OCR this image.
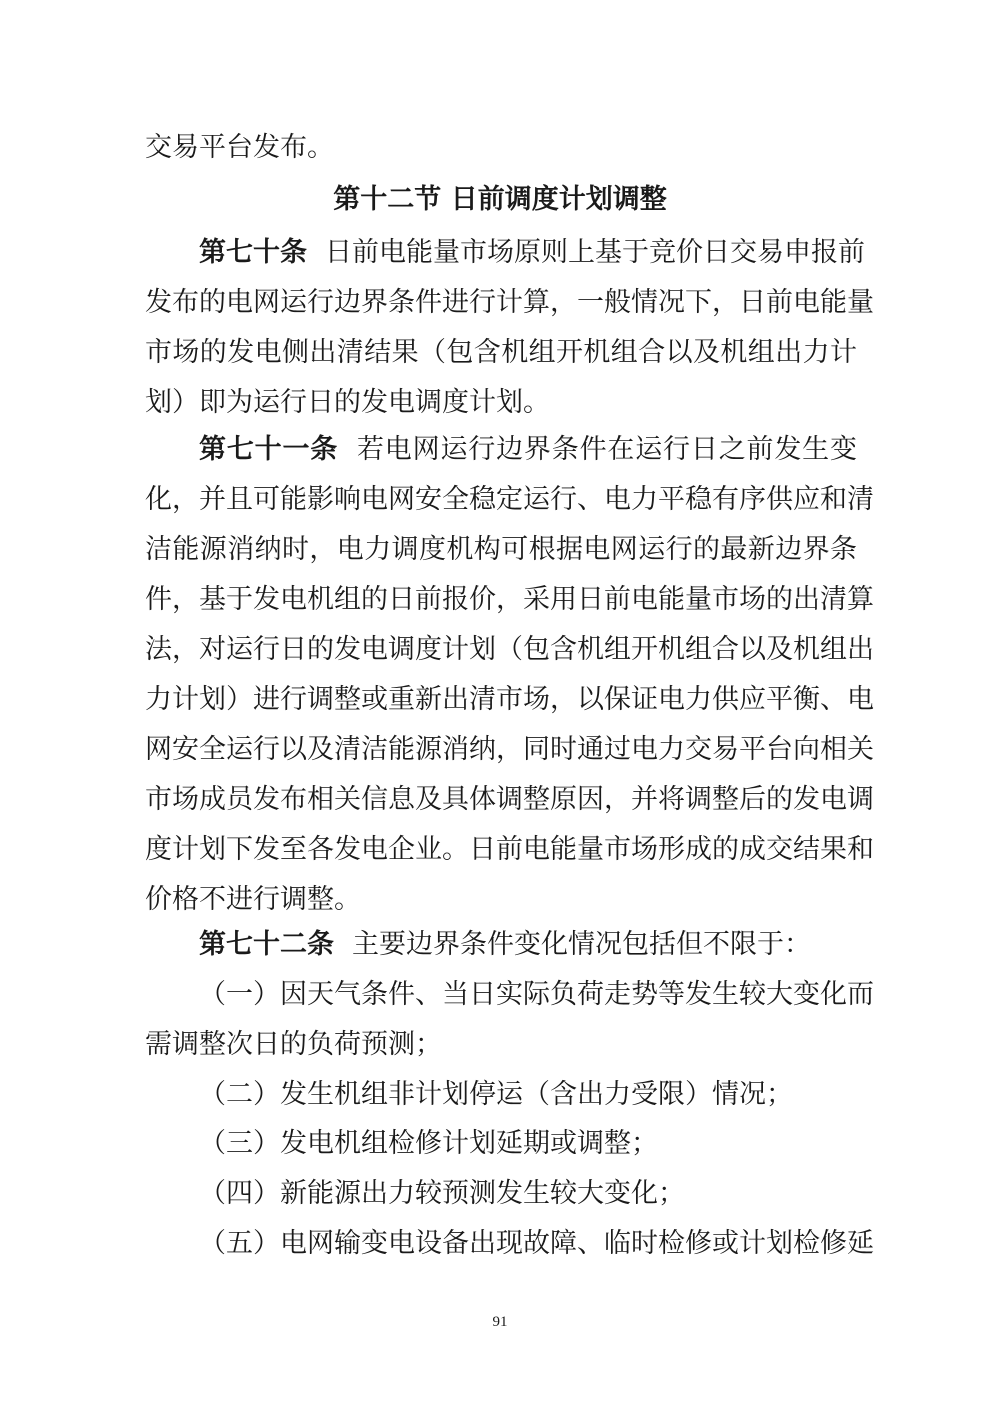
交易平台发布。
第十二节 日前调度计划调整
第七十条 日前电能量市场原则上基于竞价日交易申报前
发布的电网运行边界条件进行计算，一般情况下，日前电能量
市场的发电侧出清结果（包含机组开机组合以及机组出力计
划）即为运行日的发电调度计划。
第七十一条 若电网运行边界条件在运行日之前发生变
化，并且可能影响电网安全稳定运行、电力平稳有序供应和清
洁能源消纳时，电力调度机构可根据电网运行的最新边界条
件，基于发电机组的日前报价，采用日前电能量市场的出清算
法，对运行日的发电调度计划（包含机组开机组合以及机组出
力计划）进行调整或重新出清市场，以保证电力供应平衡、电
网安全运行以及清洁能源消纳，同时通过电力交易平台向相关
市场成员发布相关信息及具体调整原因，并将调整后的发电调
度计划下发至各发电企业。日前电能量市场形成的成交结果和
价格不进行调整。
第七十二条 主要边界条件变化情况包括但不限于：
（一）因天气条件、当日实际负荷走势等发生较大变化而
需调整次日的负荷预测；
（二）发生机组非计划停运（含出力受限）情况；
（三）发电机组检修计划延期或调整；
（四）新能源出力较预测发生较大变化；
（五）电网输变电设备出现故障、临时检修或计划检修延
91
